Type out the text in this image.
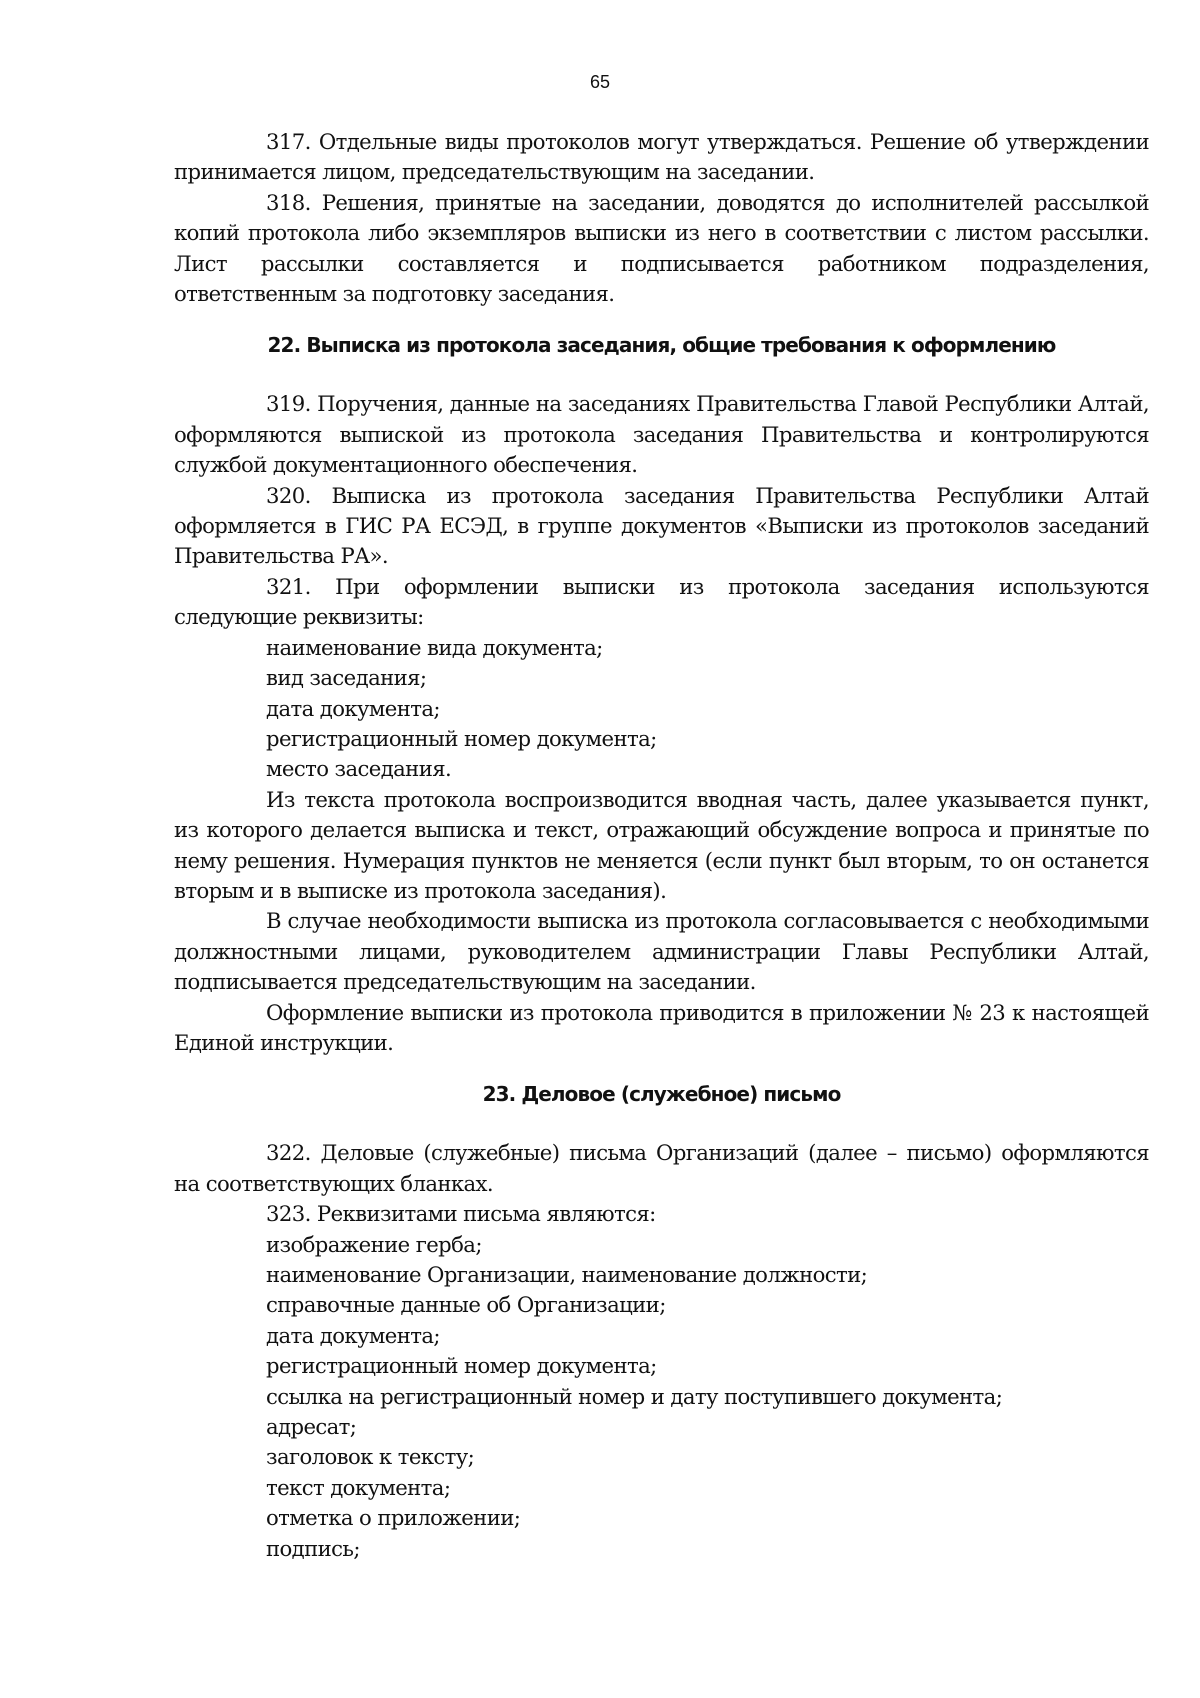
65

317. Отдельные виды протоколов могут утверждаться. Решение об утверждении принимается лицом, председательствующим на заседании.

318. Решения, принятые на заседании, доводятся до исполнителей рассылкой копий протокола либо экземпляров выписки из него в соответствии с листом рассылки. Лист рассылки составляется и подписывается работником подразделения, ответственным за подготовку заседания.

22. Выписка из протокола заседания, общие требования к оформлению

319. Поручения, данные на заседаниях Правительства Главой Республики Алтай, оформляются выпиской из протокола заседания Правительства и контролируются службой документационного обеспечения.

320. Выписка из протокола заседания Правительства Республики Алтай оформляется в ГИС РА ЕСЭД, в группе документов «Выписки из протоколов заседаний Правительства РА».

321. При оформлении выписки из протокола заседания используются следующие реквизиты:

наименование вида документа;

вид заседания;

дата документа;

регистрационный номер документа;

место заседания.

Из текста протокола воспроизводится вводная часть, далее указывается пункт, из которого делается выписка и текст, отражающий обсуждение вопроса и принятые по нему решения. Нумерация пунктов не меняется (если пункт был вторым, то он останется вторым и в выписке из протокола заседания).

В случае необходимости выписка из протокола согласовывается с необходимыми должностными лицами, руководителем администрации Главы Республики Алтай, подписывается председательствующим на заседании.

Оформление выписки из протокола приводится в приложении № 23 к настоящей Единой инструкции.

23. Деловое (служебное) письмо

322. Деловые (служебные) письма Организаций (далее – письмо) оформляются на соответствующих бланках.

323. Реквизитами письма являются:

изображение герба;

наименование Организации, наименование должности;

справочные данные об Организации;

дата документа;

регистрационный номер документа;

ссылка на регистрационный номер и дату поступившего документа;

адресат;

заголовок к тексту;

текст документа;

отметка о приложении;

подпись;
